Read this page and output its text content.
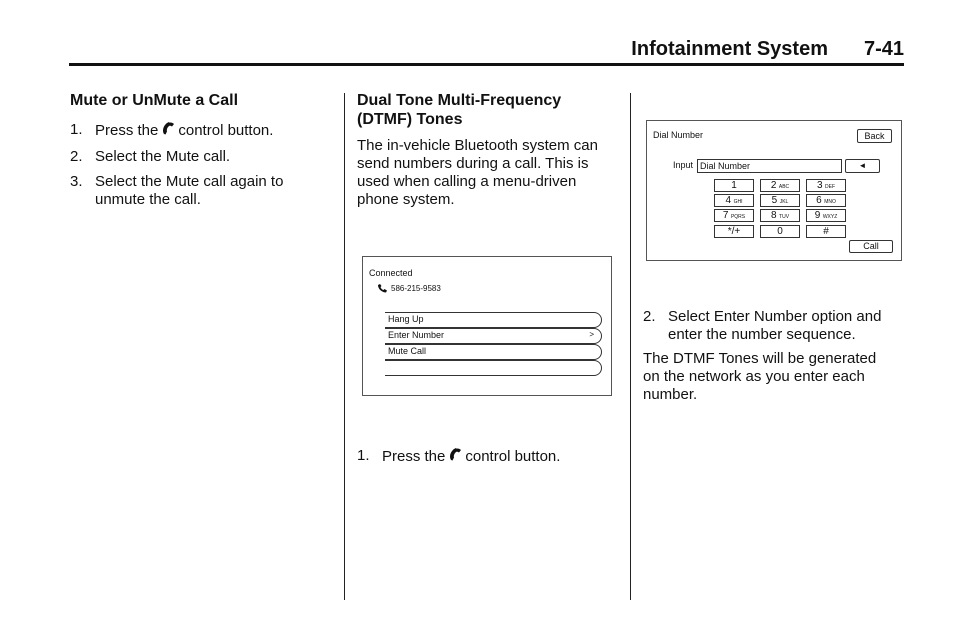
Infotainment System 7-41
Mute or UnMute a Call
1. Press the control button.
2. Select the Mute call.
3. Select the Mute call again to
unmute the call.
Dual Tone Multi-Frequency
(DTMF) Tones
The in-vehicle Bluetooth system can
send numbers during a call. This is
used when calling a menu-driven
phone system.
Connected
586-215-9583
Hang Up
Enter Number	>
Mute Call
1. Press the control button.
Dial Number	Back
Input Dial Number	◄
1	2 ABC	3 DEF
4 GHI	5 JKL	6 MNO
7 PQRS	8 TUV	9 WXYZ
*/+	0	#
Call
2. Select Enter Number option and
enter the number sequence.
The DTMF Tones will be generated
on the network as you enter each
number.
